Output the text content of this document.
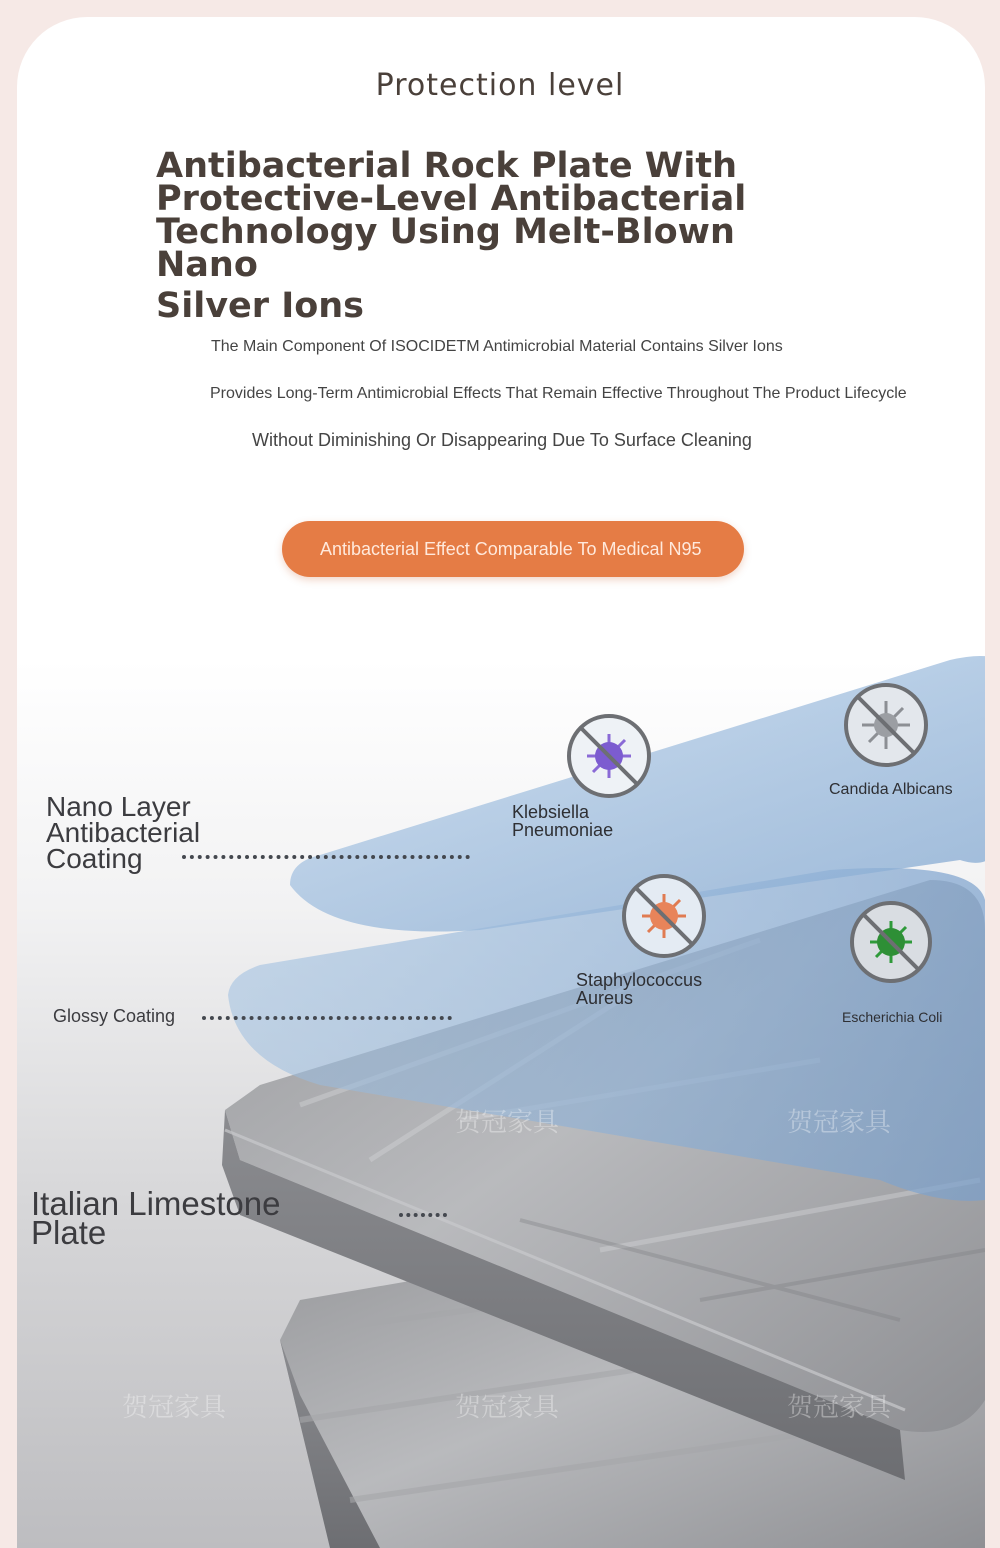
Protection level
Antibacterial Rock Plate With
Protective-Level Antibacterial
Technology Using Melt-Blown Nano
Silver Ions
The Main Component Of ISOCIDETM Antimicrobial Material Contains Silver Ions
Provides Long-Term Antimicrobial Effects That Remain Effective Throughout The Product Lifecycle
Without Diminishing Or Disappearing Due To Surface Cleaning
Antibacterial Effect Comparable To Medical N95
贺冠家具	贺冠家具
贺冠家具	贺冠家具	贺冠家具
Nano Layer
Antibacterial
Coating
Glossy Coating
Italian Limestone
Plate
Klebsiella
Pneumoniae
Candida Albicans
Staphylococcus
Aureus
Escherichia Coli
